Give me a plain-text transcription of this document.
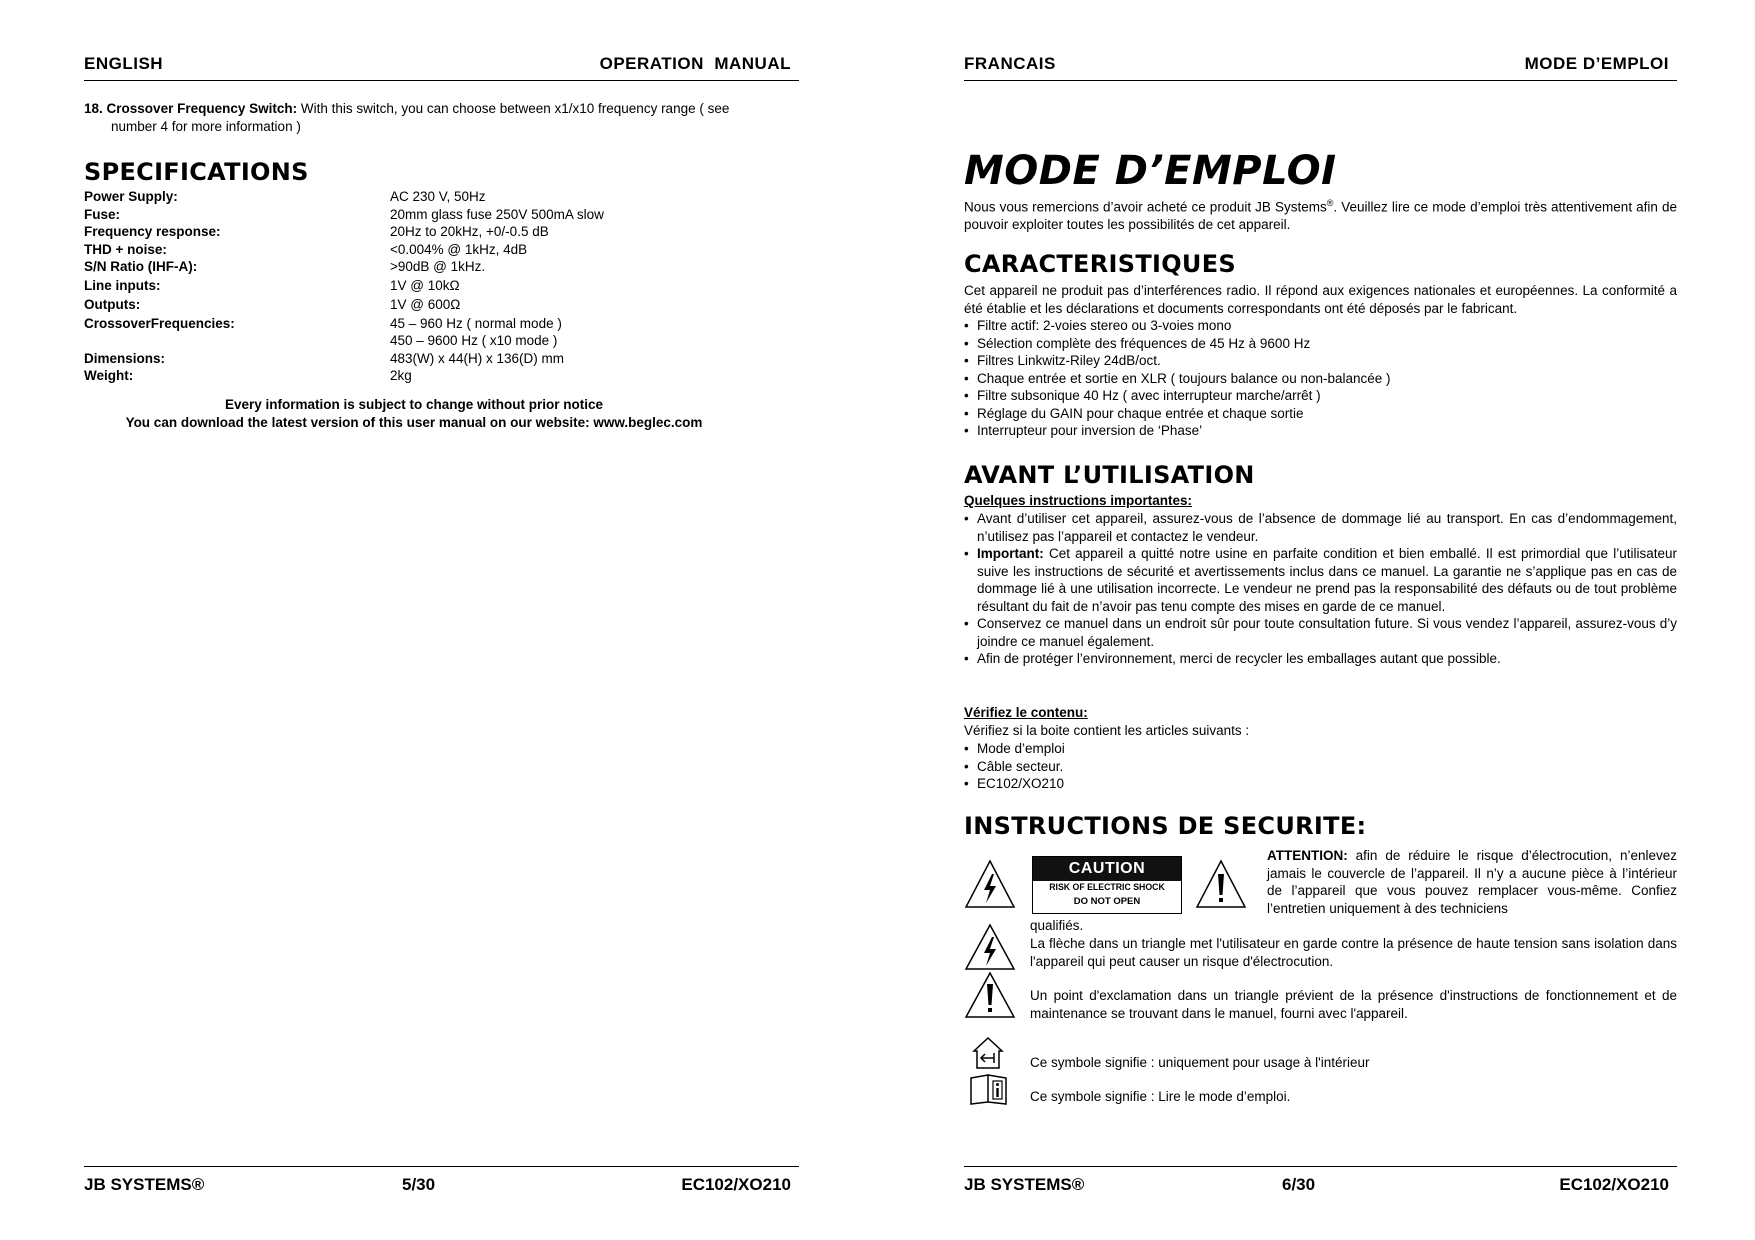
ENGLISH	OPERATION  MANUAL
18. Crossover Frequency Switch: With this switch, you can choose between x1/x10 frequency range ( see
number 4 for more information )
SPECIFICATIONS
Power Supply:	AC 230 V, 50Hz
Fuse:	20mm glass fuse 250V 500mA slow
Frequency response:	20Hz to 20kHz, +0/-0.5 dB
THD + noise:	<0.004% @ 1kHz, 4dB
S/N Ratio (IHF-A):	>90dB @ 1kHz.
Line inputs:	1V @ 10kΩ
Outputs:	1V @ 600Ω
CrossoverFrequencies:	45 – 960 Hz ( normal mode )
450 – 9600 Hz ( x10 mode )
Dimensions:	483(W) x 44(H) x 136(D) mm
Weight:	2kg
Every information is subject to change without prior notice
You can download the latest version of this user manual on our website: www.beglec.com
JB SYSTEMS®	5/30	EC102/XO210
FRANCAIS	MODE D’EMPLOI
MODE D’EMPLOI
Nous vous remercions d’avoir acheté ce produit JB Systems®. Veuillez lire ce mode d’emploi très attentivement afin de pouvoir exploiter toutes les possibilités de cet appareil.
CARACTERISTIQUES
Cet appareil ne produit pas d’interférences radio. Il répond aux exigences nationales et européennes. La conformité a été établie et les déclarations et documents correspondants ont été déposés par le fabricant.
• Filtre actif: 2-voies stereo ou 3-voies mono
• Sélection complète des fréquences de 45 Hz à 9600 Hz
• Filtres Linkwitz-Riley 24dB/oct.
• Chaque entrée et sortie en XLR ( toujours balance ou non-balancée )
• Filtre subsonique 40 Hz ( avec interrupteur marche/arrêt )
• Réglage du GAIN pour chaque entrée et chaque sortie
• Interrupteur pour inversion de ‘Phase’
AVANT L’UTILISATION
Quelques instructions importantes:
• Avant d’utiliser cet appareil, assurez-vous de l’absence de dommage lié au transport. En cas d’endommagement, n’utilisez pas l’appareil et contactez le vendeur.
• Important: Cet appareil a quitté notre usine en parfaite condition et bien emballé. Il est primordial que l’utilisateur suive les instructions de sécurité et avertissements inclus dans ce manuel. La garantie ne s’applique pas en cas de dommage lié à une utilisation incorrecte. Le vendeur ne prend pas la responsabilité des défauts ou de tout problème résultant du fait de n’avoir pas tenu compte des mises en garde de ce manuel.
• Conservez ce manuel dans un endroit sûr pour toute consultation future. Si vous vendez l’appareil, assurez-vous d’y joindre ce manuel également.
• Afin de protéger l’environnement, merci de recycler les emballages autant que possible.
Vérifiez le contenu:
Vérifiez si la boite contient les articles suivants :
• Mode d’emploi
• Câble secteur.
• EC102/XO210
INSTRUCTIONS DE SECURITE:
CAUTION
RISK OF ELECTRIC SHOCK
DO NOT OPEN
ATTENTION: afin de réduire le risque d’électrocution, n’enlevez jamais le couvercle de l’appareil. Il n’y a aucune pièce à l’intérieur de l’appareil que vous pouvez remplacer vous-même. Confiez l’entretien uniquement à des techniciens
qualifiés.
La flèche dans un triangle met l'utilisateur en garde contre la présence de haute tension sans isolation dans l'appareil qui peut causer un risque d'électrocution.
Un point d'exclamation dans un triangle prévient de la présence d'instructions de fonctionnement et de maintenance se trouvant dans le manuel, fourni avec l'appareil.
Ce symbole signifie : uniquement pour usage à l'intérieur
Ce symbole signifie : Lire le mode d’emploi.
JB SYSTEMS®	6/30	EC102/XO210
